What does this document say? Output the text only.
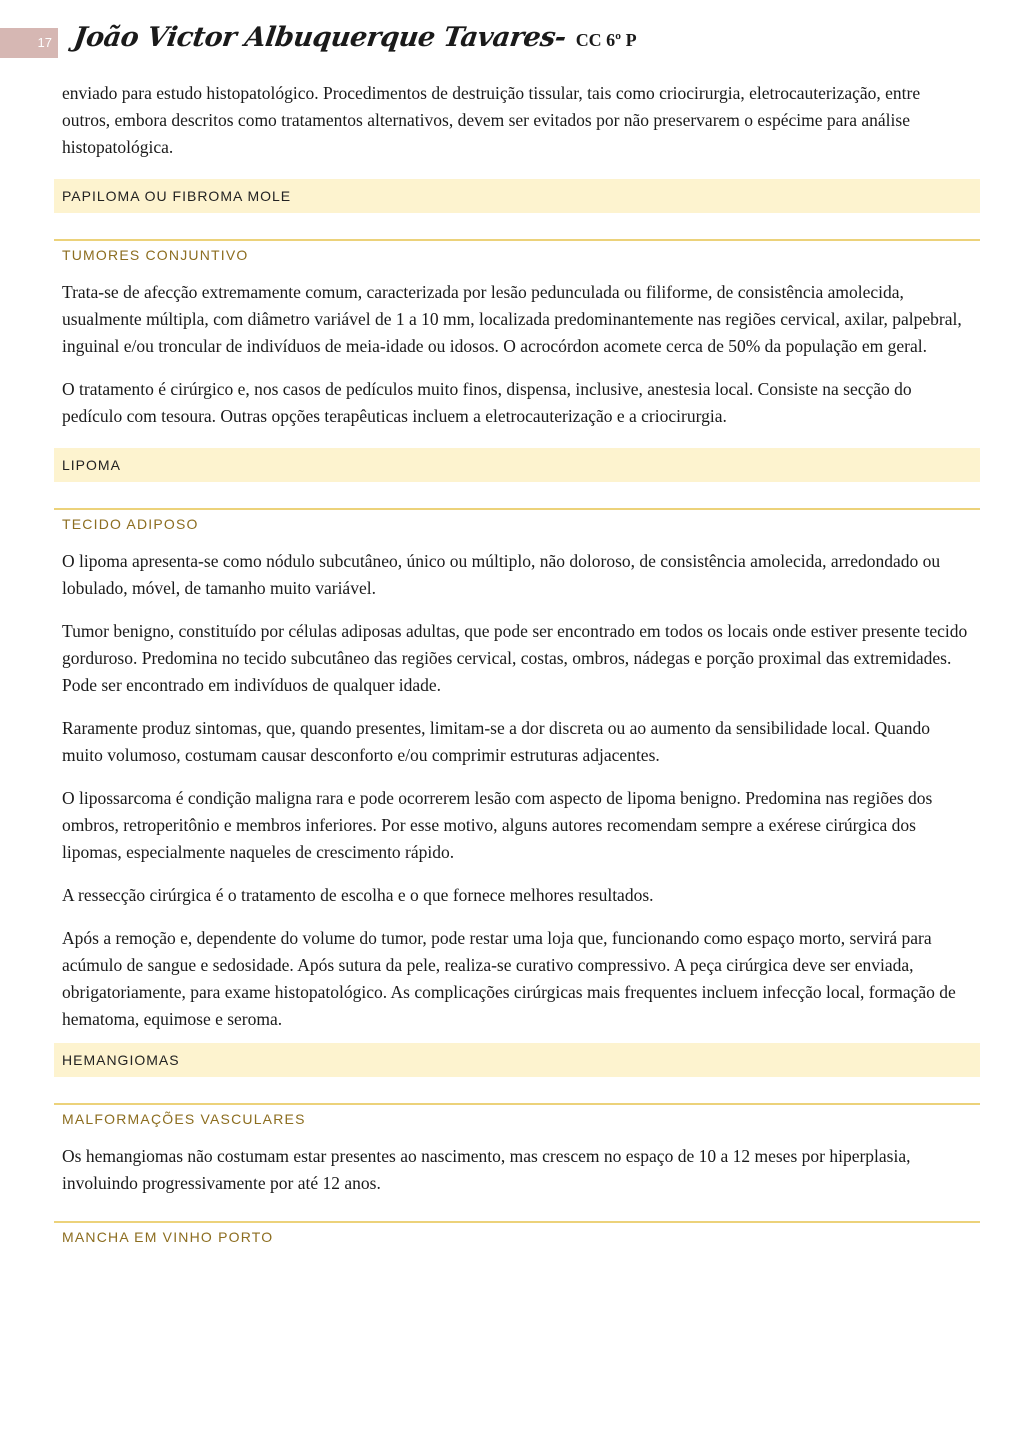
17 João Victor Albuquerque Tavares- CC 6º P

enviado para estudo histopatológico. Procedimentos de destruição tissular, tais como criocirurgia, eletrocauterização, entre outros, embora descritos como tratamentos alternativos, devem ser evitados por não preservarem o espécime para análise histopatológica.

PAPILOMA OU FIBROMA MOLE
TUMORES CONJUNTIVO

Trata-se de afecção extremamente comum, caracterizada por lesão pedunculada ou filiforme, de consistência amolecida, usualmente múltipla, com diâmetro variável de 1 a 10 mm, localizada predominantemente nas regiões cervical, axilar, palpebral, inguinal e/ou troncular de indivíduos de meia-idade ou idosos. O acrocórdon acomete cerca de 50% da população em geral.

O tratamento é cirúrgico e, nos casos de pedículos muito finos, dispensa, inclusive, anestesia local. Consiste na secção do pedículo com tesoura. Outras opções terapêuticas incluem a eletrocauterização e a criocirurgia.

LIPOMA
TECIDO ADIPOSO

O lipoma apresenta-se como nódulo subcutâneo, único ou múltiplo, não doloroso, de consistência amolecida, arredondado ou lobulado, móvel, de tamanho muito variável.

Tumor benigno, constituído por células adiposas adultas, que pode ser encontrado em todos os locais onde estiver presente tecido gorduroso. Predomina no tecido subcutâneo das regiões cervical, costas, ombros, nádegas e porção proximal das extremidades. Pode ser encontrado em indivíduos de qualquer idade.

Raramente produz sintomas, que, quando presentes, limitam-se a dor discreta ou ao aumento da sensibilidade local. Quando muito volumoso, costumam causar desconforto e/ou comprimir estruturas adjacentes.

O lipossarcoma é condição maligna rara e pode ocorrerem lesão com aspecto de lipoma benigno. Predomina nas regiões dos ombros, retroperitônio e membros inferiores. Por esse motivo, alguns autores recomendam sempre a exérese cirúrgica dos lipomas, especialmente naqueles de crescimento rápido.

A ressecção cirúrgica é o tratamento de escolha e o que fornece melhores resultados.

Após a remoção e, dependente do volume do tumor, pode restar uma loja que, funcionando como espaço morto, servirá para acúmulo de sangue e sedosidade. Após sutura da pele, realiza-se curativo compressivo. A peça cirúrgica deve ser enviada, obrigatoriamente, para exame histopatológico. As complicações cirúrgicas mais frequentes incluem infecção local, formação de hematoma, equimose e seroma.

HEMANGIOMAS
MALFORMAÇÕES VASCULARES

Os hemangiomas não costumam estar presentes ao nascimento, mas crescem no espaço de 10 a 12 meses por hiperplasia, involuindo progressivamente por até 12 anos.

MANCHA EM VINHO PORTO
